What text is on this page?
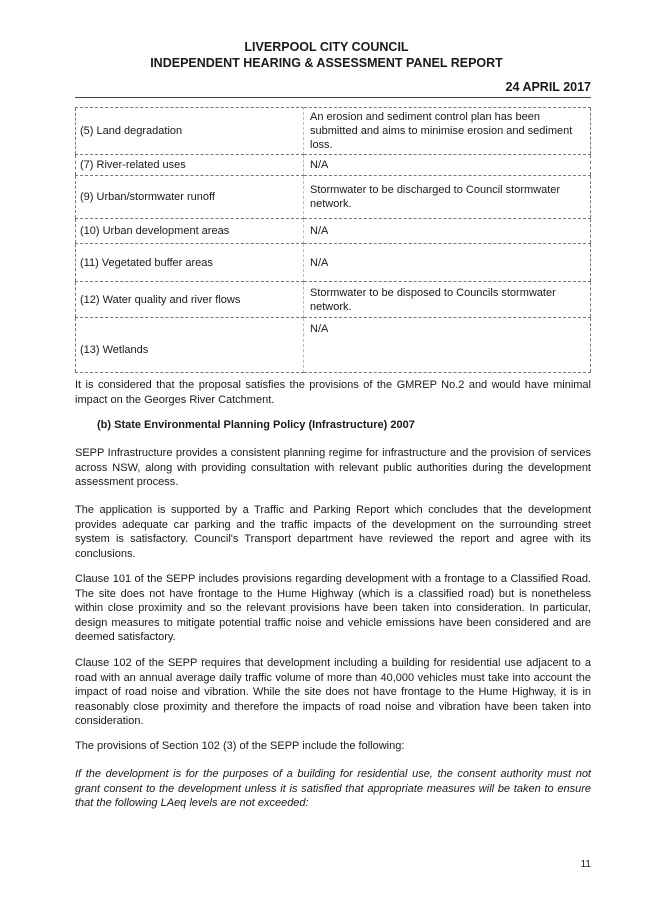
LIVERPOOL CITY COUNCIL
INDEPENDENT HEARING & ASSESSMENT PANEL REPORT
24 APRIL 2017
(5) Land degradation	An erosion and sediment control plan has been submitted and aims to minimise erosion and sediment loss.
(7) River-related uses	N/A
(9) Urban/stormwater runoff	Stormwater to be discharged to Council stormwater network.
(10) Urban development areas	N/A
(11) Vegetated buffer areas	N/A
(12) Water quality and river flows	Stormwater to be disposed to Councils stormwater network.
(13) Wetlands	N/A

It is considered that the proposal satisfies the provisions of the GMREP No.2 and would have minimal impact on the Georges River Catchment.

(b) State Environmental Planning Policy (Infrastructure) 2007

SEPP Infrastructure provides a consistent planning regime for infrastructure and the provision of services across NSW, along with providing consultation with relevant public authorities during the development assessment process.

The application is supported by a Traffic and Parking Report which concludes that the development provides adequate car parking and the traffic impacts of the development on the surrounding street system is satisfactory. Council's Transport department have reviewed the report and agree with its conclusions.

Clause 101 of the SEPP includes provisions regarding development with a frontage to a Classified Road. The site does not have frontage to the Hume Highway (which is a classified road) but is nonetheless within close proximity and so the relevant provisions have been taken into consideration. In particular, design measures to mitigate potential traffic noise and vehicle emissions have been considered and are deemed satisfactory.

Clause 102 of the SEPP requires that development including a building for residential use adjacent to a road with an annual average daily traffic volume of more than 40,000 vehicles must take into account the impact of road noise and vibration. While the site does not have frontage to the Hume Highway, it is in reasonably close proximity and therefore the impacts of road noise and vibration have been taken into consideration.

The provisions of Section 102 (3) of the SEPP include the following:

If the development is for the purposes of a building for residential use, the consent authority must not grant consent to the development unless it is satisfied that appropriate measures will be taken to ensure that the following LAeq levels are not exceeded:

11
